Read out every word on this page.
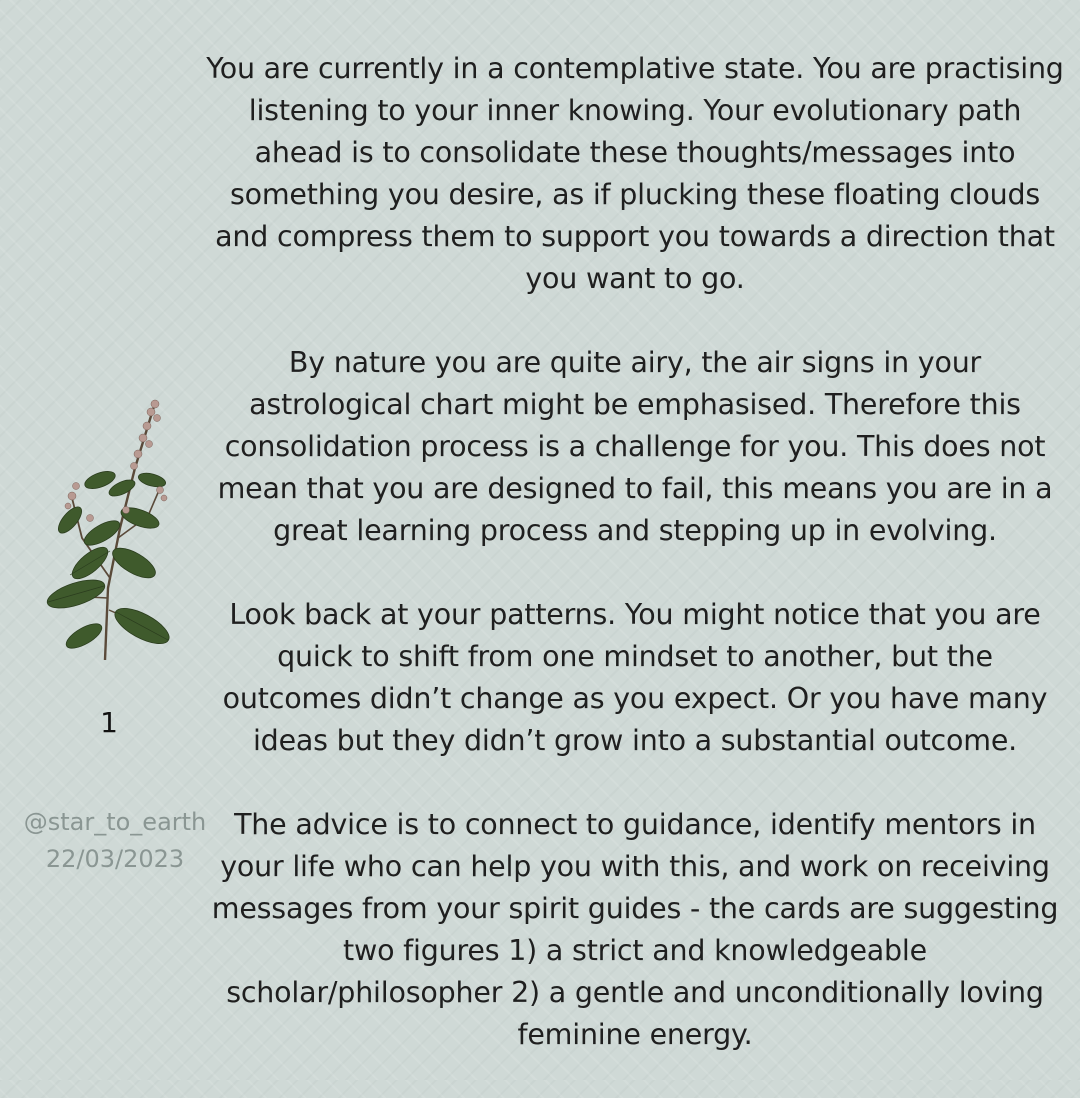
You are currently in a contemplative state. You are practising listening to your inner knowing. Your evolutionary path ahead is to consolidate these thoughts/messages into something you desire, as if plucking these floating clouds and compress them to support you towards a direction that you want to go.

By nature you are quite airy, the air signs in your astrological chart might be emphasised. Therefore this consolidation process is a challenge for you. This does not mean that you are designed to fail, this means you are in a great learning process and stepping up in evolving.

Look back at your patterns. You might notice that you are quick to shift from one mindset to another, but the outcomes didn’t change as you expect. Or you have many ideas but they didn’t grow into a substantial outcome.

The advice is to connect to guidance, identify mentors in your life who can help you with this, and work on receiving messages from your spirit guides - the cards are suggesting two figures 1) a strict and knowledgeable scholar/philosopher 2) a gentle and unconditionally loving feminine energy.

1
@star_to_earth
22/03/2023
